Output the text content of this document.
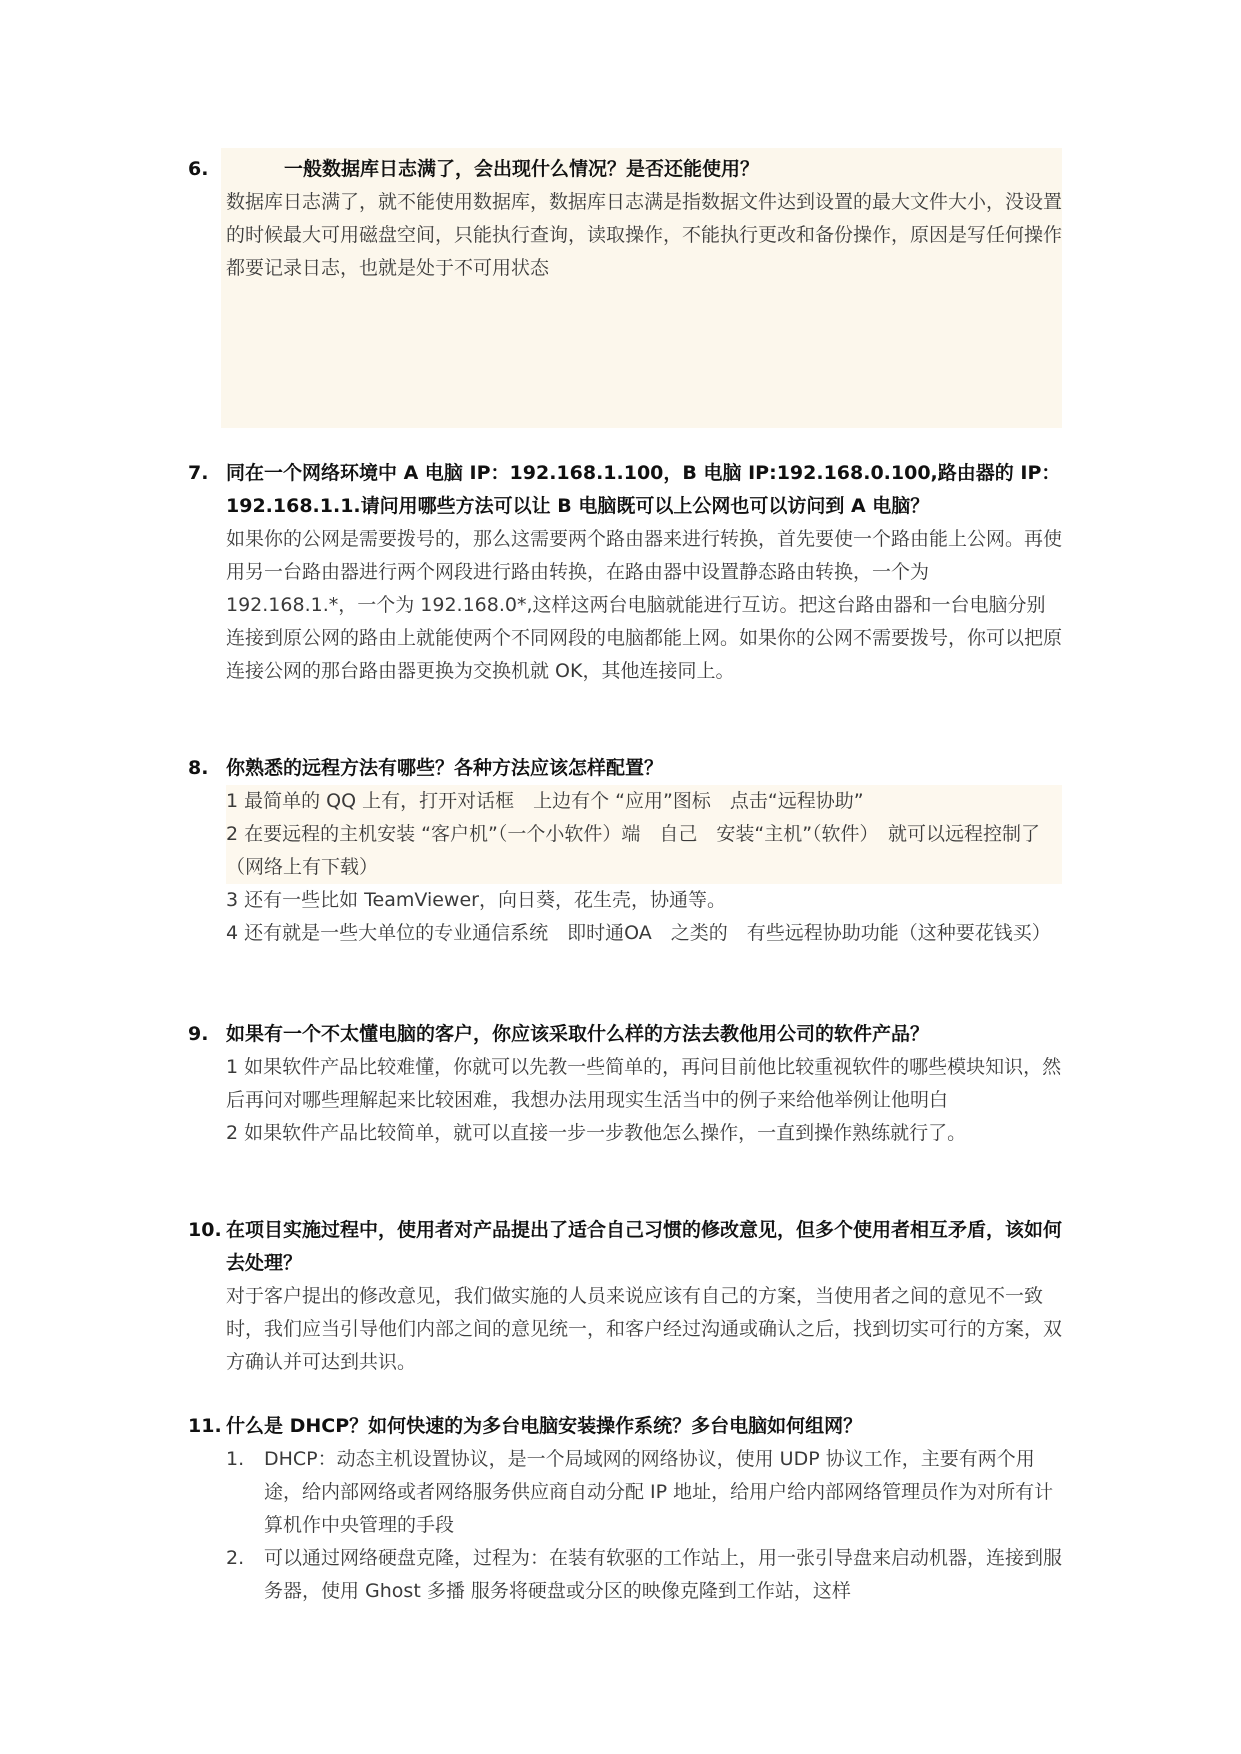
6.	一般数据库日志满了，会出现什么情况？是否还能使用？
数据库日志满了，就不能使用数据库，数据库日志满是指数据文件达到设置的最大文件大小，没设置的时候最大可用磁盘空间，只能执行查询，读取操作，不能执行更改和备份操作，原因是写任何操作都要记录日志，也就是处于不可用状态
7. 同在一个网络环境中 A 电脑 IP：192.168.1.100，B 电脑 IP:192.168.0.100,路由器的 IP：192.168.1.1.请问用哪些方法可以让 B 电脑既可以上公网也可以访问到 A 电脑？
如果你的公网是需要拨号的，那么这需要两个路由器来进行转换，首先要使一个路由能上公网。再使用另一台路由器进行两个网段进行路由转换，在路由器中设置静态路由转换，一个为 192.168.1.*，一个为 192.168.0*,这样这两台电脑就能进行互访。把这台路由器和一台电脑分别连接到原公网的路由上就能使两个不同网段的电脑都能上网。如果你的公网不需要拨号，你可以把原连接公网的那台路由器更换为交换机就 OK，其他连接同上。
8. 你熟悉的远程方法有哪些？各种方法应该怎样配置？
1 最简单的 QQ 上有，打开对话框　上边有个 “应用”图标　点击“远程协助”
2 在要远程的主机安装 “客户机”（一个小软件）端　自己　安装“主机”（软件）　就可以远程控制了　（网络上有下载）
3 还有一些比如 TeamViewer，向日葵，花生壳，协通等。
4 还有就是一些大单位的专业通信系统　即时通OA　之类的　有些远程协助功能（这种要花钱买）
9. 如果有一个不太懂电脑的客户，你应该采取什么样的方法去教他用公司的软件产品？
1 如果软件产品比较难懂，你就可以先教一些简单的，再问目前他比较重视软件的哪些模块知识，然后再问对哪些理解起来比较困难，我想办法用现实生活当中的例子来给他举例让他明白
2 如果软件产品比较简单，就可以直接一步一步教他怎么操作，一直到操作熟练就行了。
10. 在项目实施过程中，使用者对产品提出了适合自己习惯的修改意见，但多个使用者相互矛盾，该如何去处理？
对于客户提出的修改意见，我们做实施的人员来说应该有自己的方案，当使用者之间的意见不一致时，我们应当引导他们内部之间的意见统一，和客户经过沟通或确认之后，找到切实可行的方案，双方确认并可达到共识。
11. 什么是 DHCP？如何快速的为多台电脑安装操作系统？多台电脑如何组网？
1. DHCP：动态主机设置协议，是一个局域网的网络协议，使用 UDP 协议工作，主要有两个用途，给内部网络或者网络服务供应商自动分配 IP 地址，给用户给内部网络管理员作为对所有计算机作中央管理的手段
2. 可以通过网络硬盘克隆，过程为：在装有软驱的工作站上，用一张引导盘来启动机器，连接到服务器，使用 Ghost 多播 服务将硬盘或分区的映像克隆到工作站，这样
